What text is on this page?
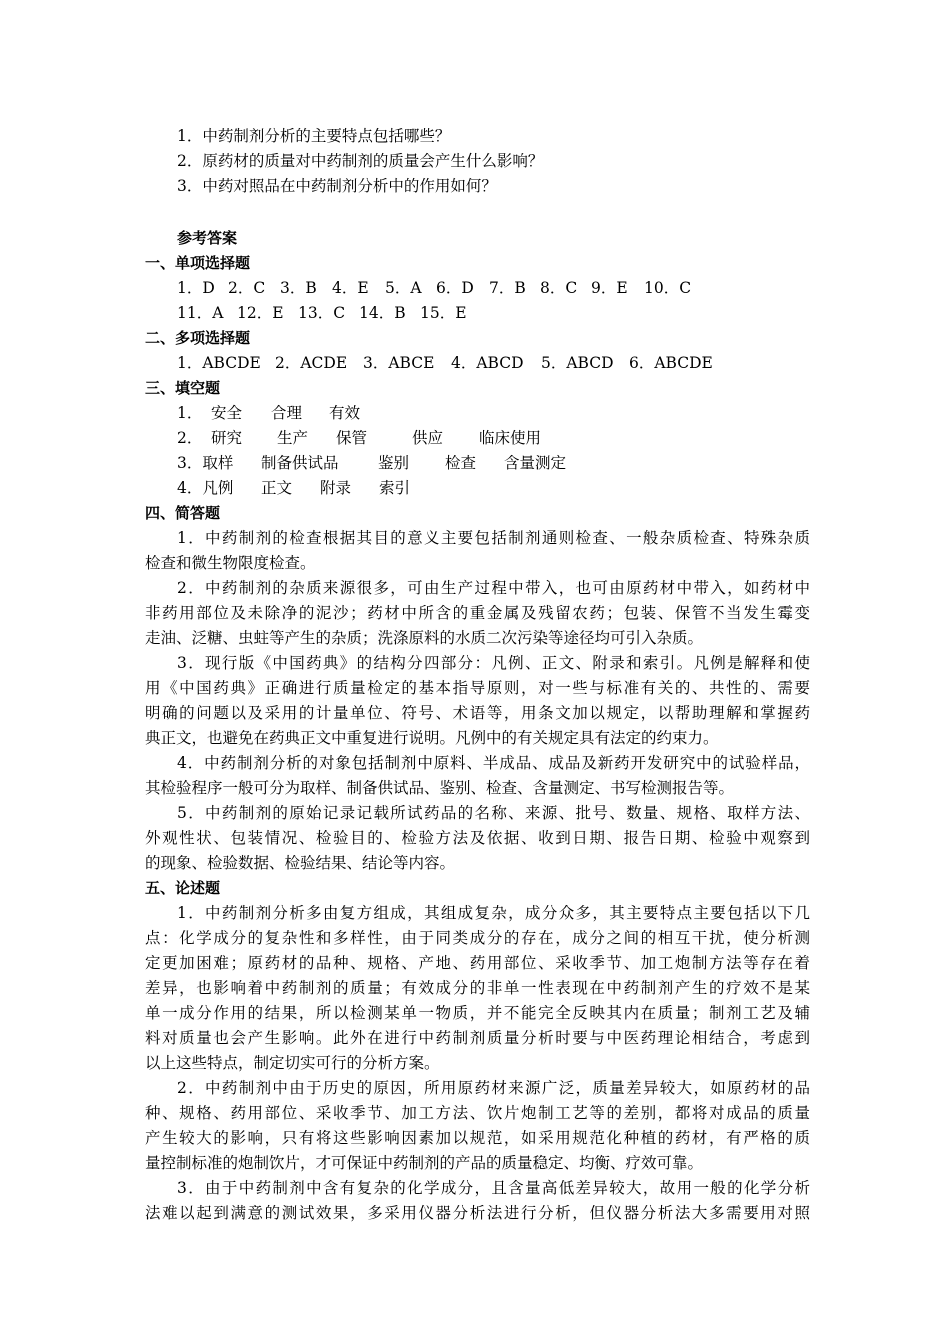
1．中药制剂分析的主要特点包括哪些？
2．原药材的质量对中药制剂的质量会产生什么影响？
3．中药对照品在中药制剂分析中的作用如何？
参考答案
一、单项选择题
1．D 2．C 3．B 4．E 5．A 6．D 7．B 8．C 9．E 10．C
11．A 12．E 13．C 14．B 15．E
二、多项选择题
1．ABCDE 2．ACDE 3．ABCE 4．ABCD 5．ABCD 6．ABCDE
三、填空题
1． 安全 合理 有效
2． 研究 生产 保管	供应 临床使用
3．取样 制备供试品	鉴别 检查 含量测定
4．凡例 正文 附录 索引
四、简答题
1．中药制剂的检查根据其目的意义主要包括制剂通则检查、一般杂质检查、特殊杂质
检查和微生物限度检查。
2．中药制剂的杂质来源很多，可由生产过程中带入，也可由原药材中带入，如药材中
非药用部位及未除净的泥沙；药材中所含的重金属及残留农药；包装、保管不当发生霉变
走油、泛糖、虫蛀等产生的杂质；洗涤原料的水质二次污染等途径均可引入杂质。
3．现行版《中国药典》的结构分四部分：凡例、正文、附录和索引。凡例是解释和使
用《中国药典》正确进行质量检定的基本指导原则，对一些与标准有关的、共性的、需要
明确的问题以及采用的计量单位、符号、术语等，用条文加以规定，以帮助理解和掌握药
典正文，也避免在药典正文中重复进行说明。凡例中的有关规定具有法定的约束力。
4．中药制剂分析的对象包括制剂中原料、半成品、成品及新药开发研究中的试验样品，
其检验程序一般可分为取样、制备供试品、鉴别、检查、含量测定、书写检测报告等。
5．中药制剂的原始记录记载所试药品的名称、来源、批号、数量、规格、取样方法、
外观性状、包装情况、检验目的、检验方法及依据、收到日期、报告日期、检验中观察到
的现象、检验数据、检验结果、结论等内容。
五、论述题
1．中药制剂分析多由复方组成，其组成复杂，成分众多，其主要特点主要包括以下几
点：化学成分的复杂性和多样性，由于同类成分的存在，成分之间的相互干扰，使分析测
定更加困难；原药材的品种、规格、产地、药用部位、采收季节、加工炮制方法等存在着
差异，也影响着中药制剂的质量；有效成分的非单一性表现在中药制剂产生的疗效不是某
单一成分作用的结果，所以检测某单一物质，并不能完全反映其内在质量；制剂工艺及辅
料对质量也会产生影响。此外在进行中药制剂质量分析时要与中医药理论相结合，考虑到
以上这些特点，制定切实可行的分析方案。
2．中药制剂中由于历史的原因，所用原药材来源广泛，质量差异较大，如原药材的品
种、规格、药用部位、采收季节、加工方法、饮片炮制工艺等的差别，都将对成品的质量
产生较大的影响，只有将这些影响因素加以规范，如采用规范化种植的药材，有严格的质
量控制标准的炮制饮片，才可保证中药制剂的产品的质量稳定、均衡、疗效可靠。
3．由于中药制剂中含有复杂的化学成分，且含量高低差异较大，故用一般的化学分析
法难以起到满意的测试效果，多采用仪器分析法进行分析，但仪器分析法大多需要用对照
